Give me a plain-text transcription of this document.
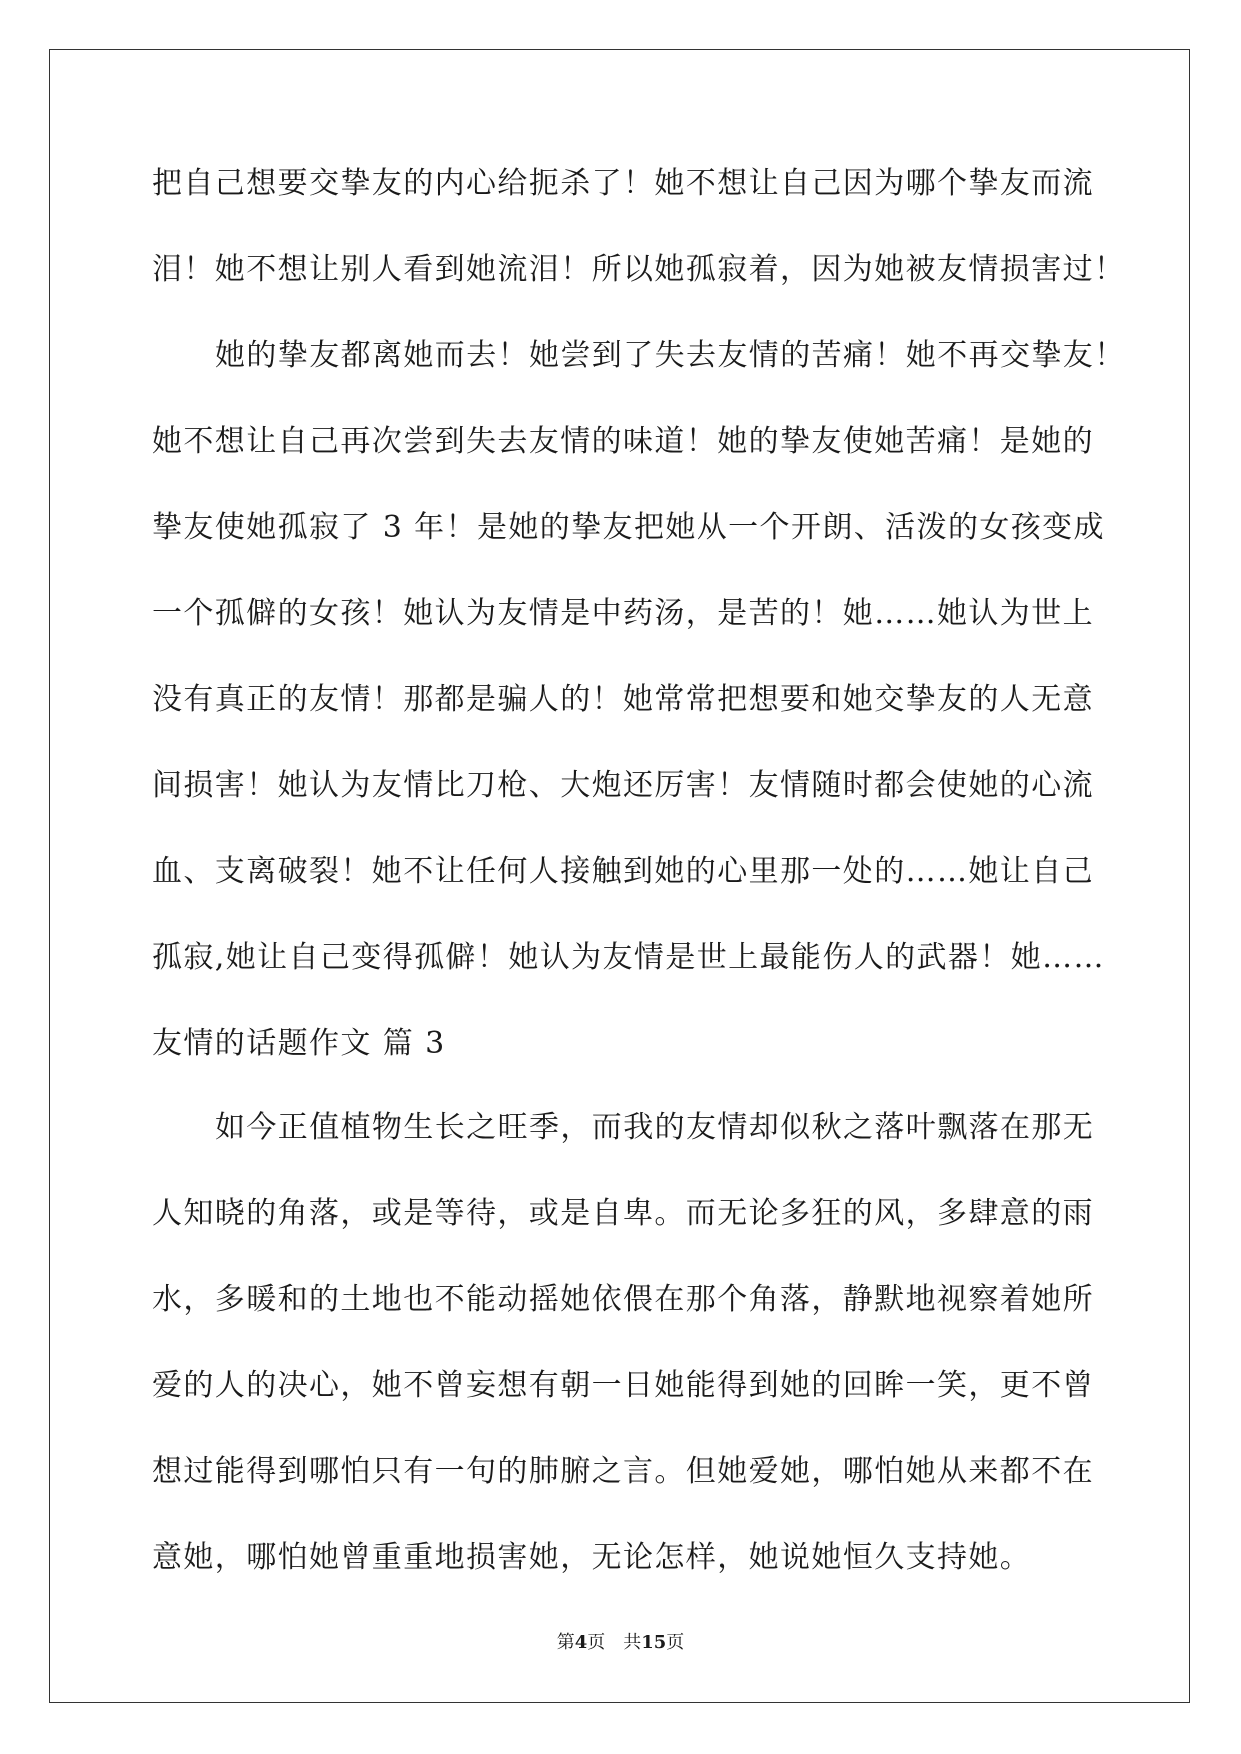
把自己想要交挚友的内心给扼杀了！她不想让自己因为哪个挚友而流
泪！她不想让别人看到她流泪！所以她孤寂着，因为她被友情损害过！
她的挚友都离她而去！她尝到了失去友情的苦痛！她不再交挚友！
她不想让自己再次尝到失去友情的味道！她的挚友使她苦痛！是她的
挚友使她孤寂了 3 年！是她的挚友把她从一个开朗、活泼的女孩变成
一个孤僻的女孩！她认为友情是中药汤，是苦的！她……她认为世上
没有真正的友情！那都是骗人的！她常常把想要和她交挚友的人无意
间损害！她认为友情比刀枪、大炮还厉害！友情随时都会使她的心流
血、支离破裂！她不让任何人接触到她的心里那一处的……她让自己
孤寂,她让自己变得孤僻！她认为友情是世上最能伤人的武器！她……
友情的话题作文 篇 3
如今正值植物生长之旺季，而我的友情却似秋之落叶飘落在那无
人知晓的角落，或是等待，或是自卑。而无论多狂的风，多肆意的雨
水，多暖和的土地也不能动摇她依偎在那个角落，静默地视察着她所
爱的人的决心，她不曾妄想有朝一日她能得到她的回眸一笑，更不曾
想过能得到哪怕只有一句的肺腑之言。但她爱她，哪怕她从来都不在
意她，哪怕她曾重重地损害她，无论怎样，她说她恒久支持她。
第4页 共15页
